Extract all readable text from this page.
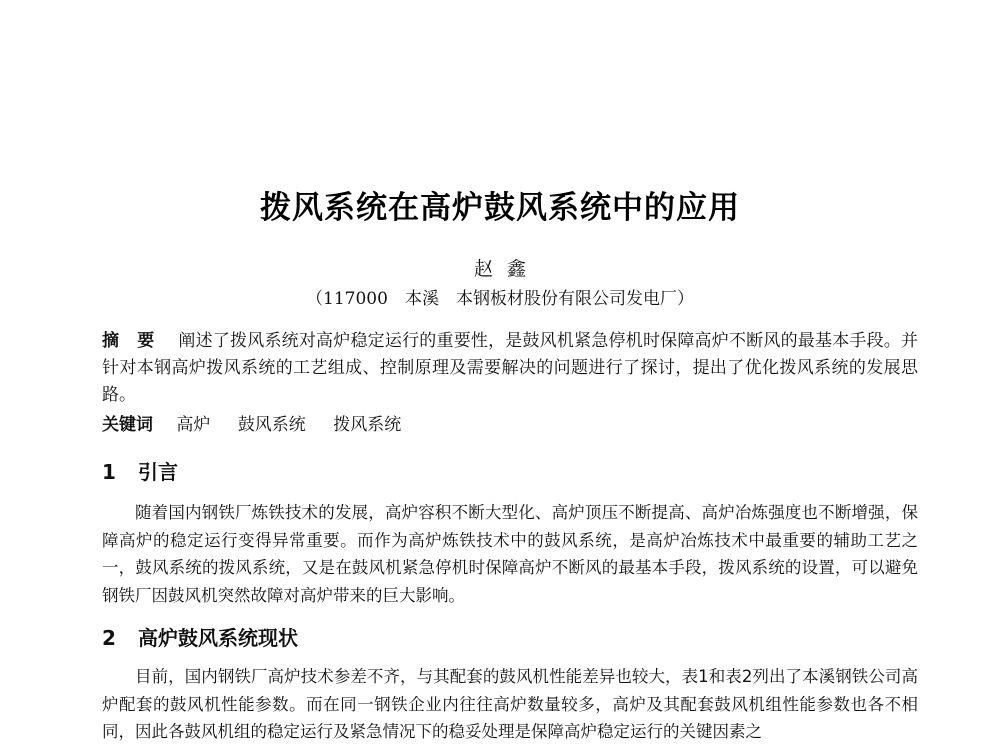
拨风系统在高炉鼓风系统中的应用
赵鑫
（117000　本溪　本钢板材股份有限公司发电厂）
摘要 阐述了拨风系统对高炉稳定运行的重要性，是鼓风机紧急停机时保障高炉不断风的最基本手段。并针对本钢高炉拨风系统的工艺组成、控制原理及需要解决的问题进行了探讨，提出了优化拨风系统的发展思路。
关键词 高炉 鼓风系统 拨风系统
1 引言
随着国内钢铁厂炼铁技术的发展，高炉容积不断大型化、高炉顶压不断提高、高炉冶炼强度也不断增强，保障高炉的稳定运行变得异常重要。而作为高炉炼铁技术中的鼓风系统，是高炉冶炼技术中最重要的辅助工艺之一，鼓风系统的拨风系统，又是在鼓风机紧急停机时保障高炉不断风的最基本手段，拨风系统的设置，可以避免钢铁厂因鼓风机突然故障对高炉带来的巨大影响。
2 高炉鼓风系统现状
目前，国内钢铁厂高炉技术参差不齐，与其配套的鼓风机性能差异也较大，表1和表2列出了本溪钢铁公司高炉配套的鼓风机性能参数。而在同一钢铁企业内往往高炉数量较多，高炉及其配套鼓风机组性能参数也各不相同，因此各鼓风机组的稳定运行及紧急情况下的稳妥处理是保障高炉稳定运行的关键因素之
